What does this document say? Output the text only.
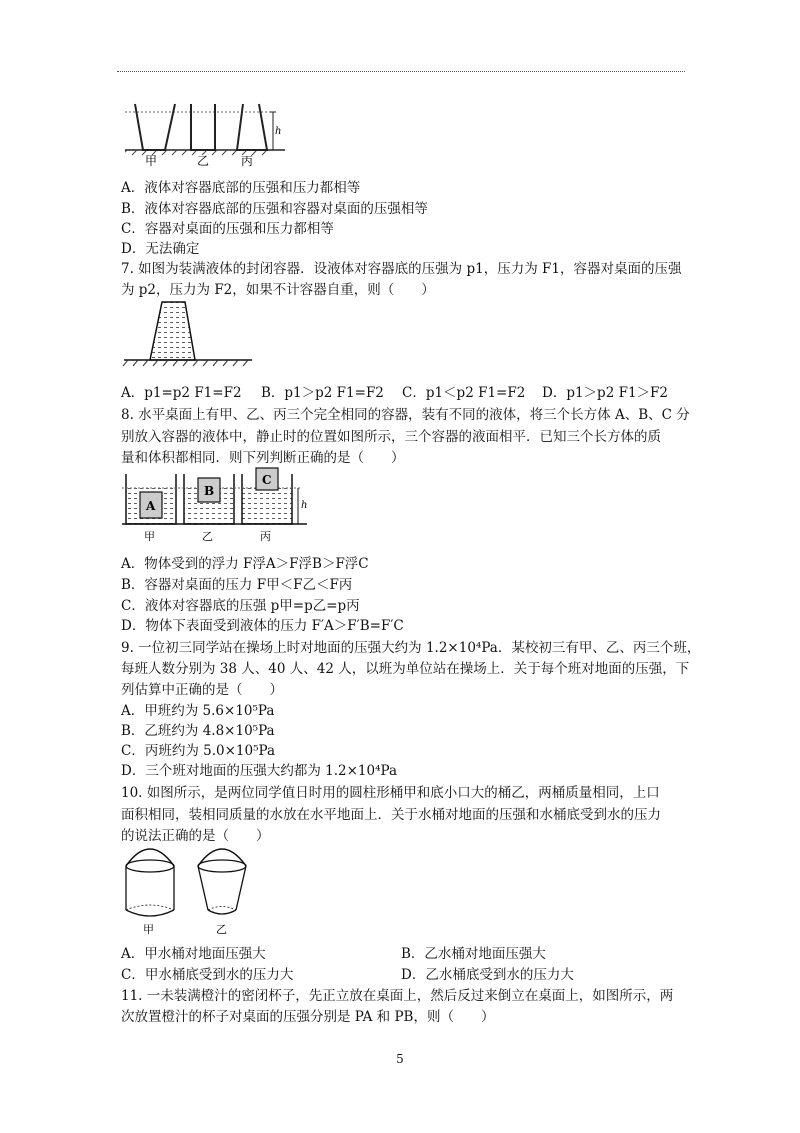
h
甲	乙	丙
A．液体对容器底部的压强和压力都相等
B．液体对容器底部的压强和容器对桌面的压强相等
C．容器对桌面的压强和压力都相等
D．无法确定
7. 如图为装满液体的封闭容器．设液体对容器底的压强为 p1，压力为 F1，容器对桌面的压强
为 p2，压力为 F2，如果不计容器自重，则（　　）
A．p1=p2 F1=F2 B．p1＞p2 F1=F2 C．p1＜p2 F1=F2 D．p1＞p2 F1＞F2
8. 水平桌面上有甲、乙、丙三个完全相同的容器，装有不同的液体，将三个长方体 A、B、C 分
别放入容器的液体中，静止时的位置如图所示，三个容器的液面相平．已知三个长方体的质
量和体积都相同．则下列判断正确的是（　　）
A
B
C
h
甲	乙	丙
A．物体受到的浮力 F浮A＞F浮B＞F浮C
B．容器对桌面的压力 F甲＜F乙＜F丙
C．液体对容器底的压强 p甲=p乙=p丙
D．物体下表面受到液体的压力 F′A＞F′B=F′C
9. 一位初三同学站在操场上时对地面的压强大约为 1.2×10⁴Pa．某校初三有甲、乙、丙三个班，
每班人数分别为 38 人、40 人、42 人，以班为单位站在操场上．关于每个班对地面的压强，下
列估算中正确的是（　　）
A．甲班约为 5.6×10⁵Pa
B．乙班约为 4.8×10⁵Pa
C．丙班约为 5.0×10⁵Pa
D．三个班对地面的压强大约都为 1.2×10⁴Pa
10. 如图所示，是两位同学值日时用的圆柱形桶甲和底小口大的桶乙，两桶质量相同，上口
面积相同，装相同质量的水放在水平地面上．关于水桶对地面的压强和水桶底受到水的压力
的说法正确的是（　　）
甲	乙
A．甲水桶对地面压强大	B．乙水桶对地面压强大
C．甲水桶底受到水的压力大	D．乙水桶底受到水的压力大
11. 一未装满橙汁的密闭杯子，先正立放在桌面上，然后反过来倒立在桌面上，如图所示，两
次放置橙汁的杯子对桌面的压强分别是 PA 和 PB，则（　　）
5
